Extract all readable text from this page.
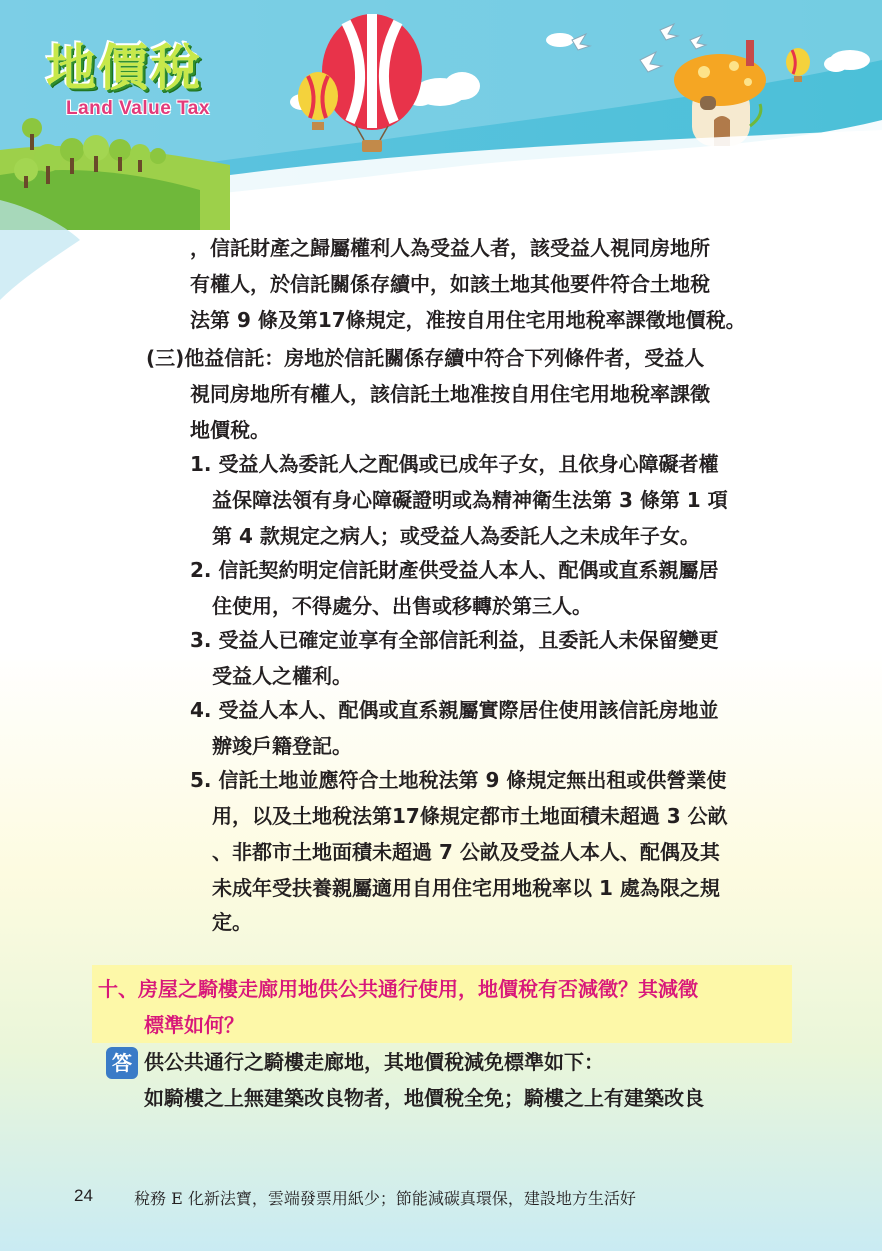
地價稅
Land Value Tax
，信託財產之歸屬權利人為受益人者，該受益人視同房地所
有權人，於信託關係存續中，如該土地其他要件符合土地稅
法第 9 條及第17條規定，准按自用住宅用地稅率課徵地價稅。
(三)他益信託：房地於信託關係存續中符合下列條件者，受益人
視同房地所有權人，該信託土地准按自用住宅用地稅率課徵
地價稅。
1. 受益人為委託人之配偶或已成年子女，且依身心障礙者權
益保障法領有身心障礙證明或為精神衛生法第 3 條第 1 項
第 4 款規定之病人；或受益人為委託人之未成年子女。
2. 信託契約明定信託財產供受益人本人、配偶或直系親屬居
住使用，不得處分、出售或移轉於第三人。
3. 受益人已確定並享有全部信託利益，且委託人未保留變更
受益人之權利。
4. 受益人本人、配偶或直系親屬實際居住使用該信託房地並
辦竣戶籍登記。
5. 信託土地並應符合土地稅法第 9 條規定無出租或供營業使
用，以及土地稅法第17條規定都市土地面積未超過 3 公畝
、非都市土地面積未超過 7 公畝及受益人本人、配偶及其
未成年受扶養親屬適用自用住宅用地稅率以 1 處為限之規
定。
十、房屋之騎樓走廊用地供公共通行使用，地價稅有否減徵？其減徵
標準如何？
答 供公共通行之騎樓走廊地，其地價稅減免標準如下：
如騎樓之上無建築改良物者，地價稅全免；騎樓之上有建築改良
24	稅務 E 化新法寶，雲端發票用紙少；節能減碳真環保，建設地方生活好
